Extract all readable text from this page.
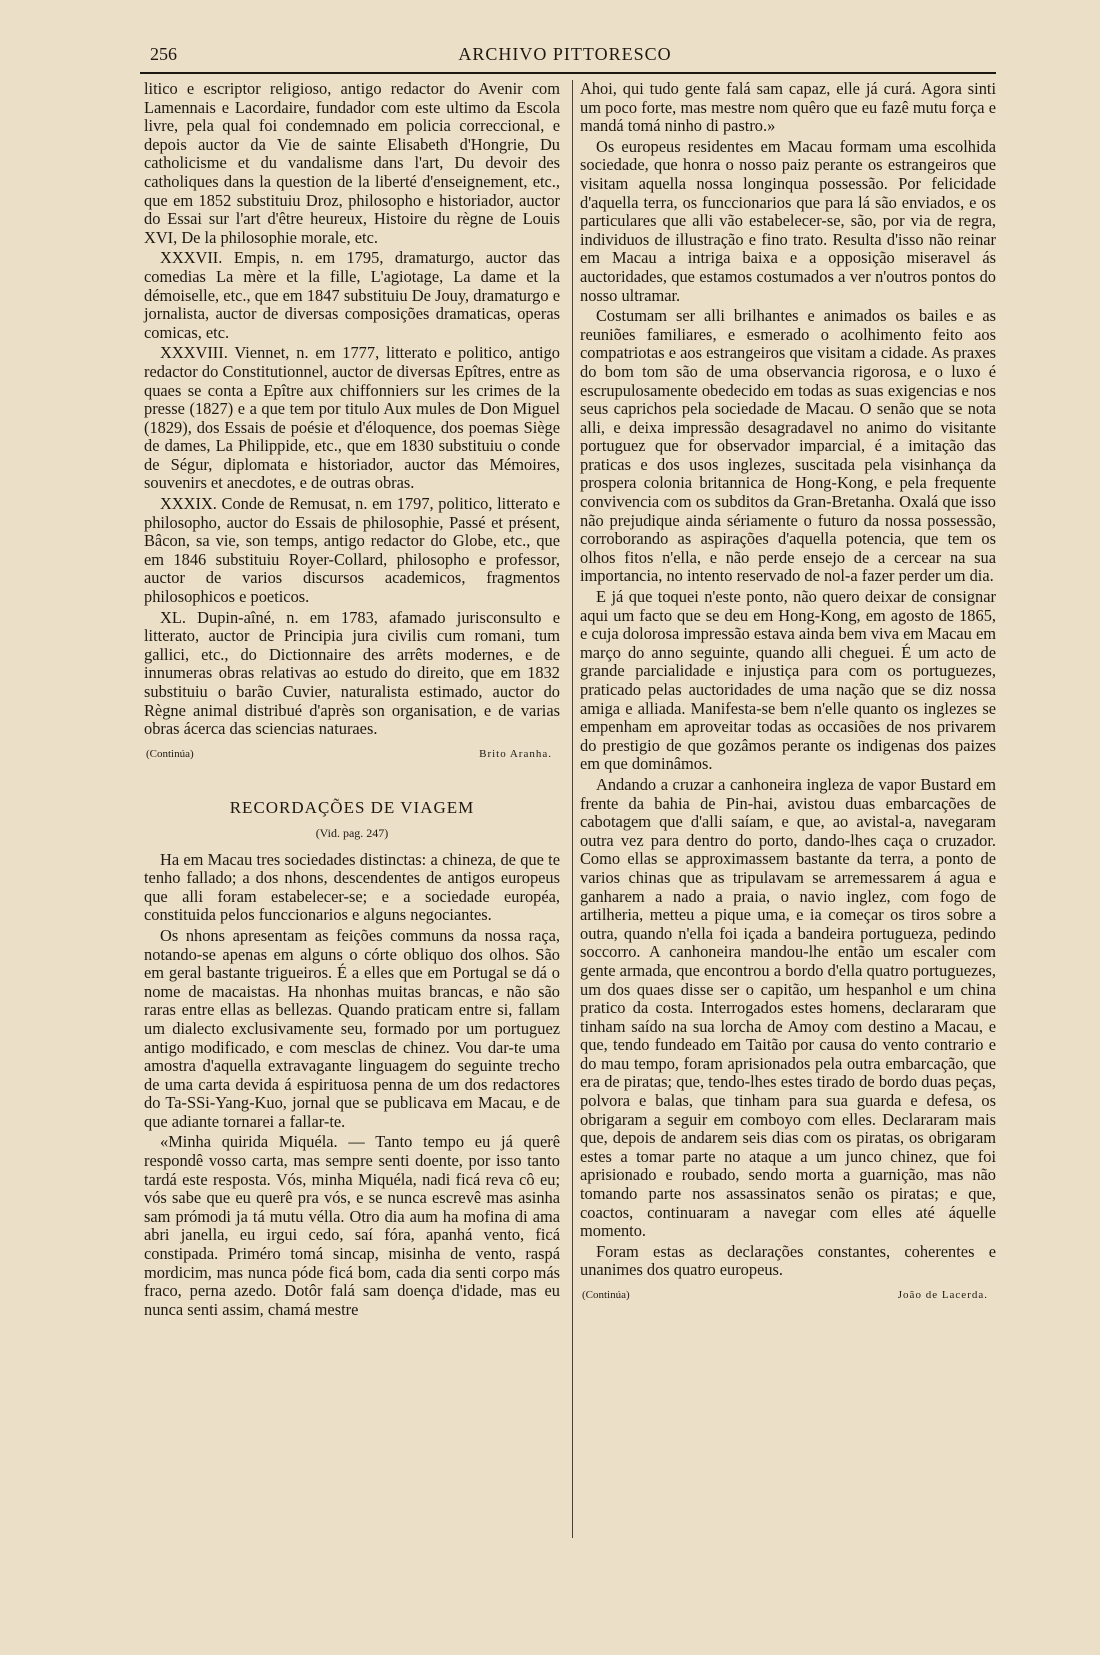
256	ARCHIVO PITTORESCO

litico e escriptor religioso, antigo redactor do Avenir com Lamennais e Lacordaire, fundador com este ultimo da Escola livre, pela qual foi condemnado em policia correccional, e depois auctor da Vie de sainte Elisabeth d'Hongrie, Du catholicisme et du vandalisme dans l'art, Du devoir des catholiques dans la question de la liberté d'enseignement, etc., que em 1852 substituiu Droz, philosopho e historiador, auctor do Essai sur l'art d'être heureux, Histoire du règne de Louis XVI, De la philosophie morale, etc.

XXXVII. Empis, n. em 1795, dramaturgo, auctor das comedias La mère et la fille, L'agiotage, La dame et la démoiselle, etc., que em 1847 substituiu De Jouy, dramaturgo e jornalista, auctor de diversas composições dramaticas, operas comicas, etc.

XXXVIII. Viennet, n. em 1777, litterato e politico, antigo redactor do Constitutionnel, auctor de diversas Epîtres, entre as quaes se conta a Epître aux chiffonniers sur les crimes de la presse (1827) e a que tem por titulo Aux mules de Don Miguel (1829), dos Essais de poésie et d'éloquence, dos poemas Siège de dames, La Philippide, etc., que em 1830 substituiu o conde de Ségur, diplomata e historiador, auctor das Mémoires, souvenirs et anecdotes, e de outras obras.

XXXIX. Conde de Remusat, n. em 1797, politico, litterato e philosopho, auctor do Essais de philosophie, Passé et présent, Bâcon, sa vie, son temps, antigo redactor do Globe, etc., que em 1846 substituiu Royer-Collard, philosopho e professor, auctor de varios discursos academicos, fragmentos philosophicos e poeticos.

XL. Dupin-aîné, n. em 1783, afamado jurisconsulto e litterato, auctor de Principia jura civilis cum romani, tum gallici, etc., do Dictionnaire des arrêts modernes, e de innumeras obras relativas ao estudo do direito, que em 1832 substituiu o barão Cuvier, naturalista estimado, auctor do Règne animal distribué d'après son organisation, e de varias obras ácerca das sciencias naturaes.

(Continúa)	Brito Aranha.
RECORDAÇÕES DE VIAGEM
(Vid. pag. 247)

Ha em Macau tres sociedades distinctas: a chineza, de que te tenho fallado; a dos nhons, descendentes de antigos europeus que alli foram estabelecer-se; e a sociedade européa, constituida pelos funccionarios e alguns negociantes.

Os nhons apresentam as feições communs da nossa raça, notando-se apenas em alguns o córte obliquo dos olhos. São em geral bastante trigueiros. É a elles que em Portugal se dá o nome de macaistas. Ha nhonhas muitas brancas, e não são raras entre ellas as bellezas. Quando praticam entre si, fallam um dialecto exclusivamente seu, formado por um portuguez antigo modificado, e com mesclas de chinez. Vou dar-te uma amostra d'aquella extravagante linguagem do seguinte trecho de uma carta devida á espirituosa penna de um dos redactores do Ta-SSi-Yang-Kuo, jornal que se publicava em Macau, e de que adiante tornarei a fallar-te.

«Minha quirida Miquéla. — Tanto tempo eu já querê respondê vosso carta, mas sempre senti doente, por isso tanto tardá este resposta. Vós, minha Miquéla, nadi ficá reva cô eu; vós sabe que eu querê pra vós, e se nunca escrevê mas asinha sam prómodi ja tá mutu vélla. Otro dia aum ha mofina di ama abri janella, eu irgui cedo, saí fóra, apanhá vento, ficá constipada. Priméro tomá sincap, misinha de vento, raspá mordicim, mas nunca póde ficá bom, cada dia senti corpo más fraco, perna azedo. Dotôr falá sam doença d'idade, mas eu nunca senti assim, chamá mestre

Ahoi, qui tudo gente falá sam capaz, elle já curá. Agora sinti um poco forte, mas mestre nom quêro que eu fazê mutu força e mandá tomá ninho di pastro.»

Os europeus residentes em Macau formam uma escolhida sociedade, que honra o nosso paiz perante os estrangeiros que visitam aquella nossa longinqua possessão. Por felicidade d'aquella terra, os funccionarios que para lá são enviados, e os particulares que alli vão estabelecer-se, são, por via de regra, individuos de illustração e fino trato. Resulta d'isso não reinar em Macau a intriga baixa e a opposição miseravel ás auctoridades, que estamos costumados a ver n'outros pontos do nosso ultramar.

Costumam ser alli brilhantes e animados os bailes e as reuniões familiares, e esmerado o acolhimento feito aos compatriotas e aos estrangeiros que visitam a cidade. As praxes do bom tom são de uma observancia rigorosa, e o luxo é escrupulosamente obedecido em todas as suas exigencias e nos seus caprichos pela sociedade de Macau. O senão que se nota alli, e deixa impressão desagradavel no animo do visitante portuguez que for observador imparcial, é a imitação das praticas e dos usos inglezes, suscitada pela visinhança da prospera colonia britannica de Hong-Kong, e pela frequente convivencia com os subditos da Gran-Bretanha. Oxalá que isso não prejudique ainda sériamente o futuro da nossa possessão, corroborando as aspirações d'aquella potencia, que tem os olhos fitos n'ella, e não perde ensejo de a cercear na sua importancia, no intento reservado de nol-a fazer perder um dia.

E já que toquei n'este ponto, não quero deixar de consignar aqui um facto que se deu em Hong-Kong, em agosto de 1865, e cuja dolorosa impressão estava ainda bem viva em Macau em março do anno seguinte, quando alli cheguei. É um acto de grande parcialidade e injustiça para com os portuguezes, praticado pelas auctoridades de uma nação que se diz nossa amiga e alliada. Manifesta-se bem n'elle quanto os inglezes se empenham em aproveitar todas as occasiões de nos privarem do prestigio de que gozâmos perante os indigenas dos paizes em que dominâmos.

Andando a cruzar a canhoneira ingleza de vapor Bustard em frente da bahia de Pin-hai, avistou duas embarcações de cabotagem que d'alli saíam, e que, ao avistal-a, navegaram outra vez para dentro do porto, dando-lhes caça o cruzador. Como ellas se approximassem bastante da terra, a ponto de varios chinas que as tripulavam se arremessarem á agua e ganharem a nado a praia, o navio inglez, com fogo de artilheria, metteu a pique uma, e ia começar os tiros sobre a outra, quando n'ella foi içada a bandeira portugueza, pedindo soccorro. A canhoneira mandou-lhe então um escaler com gente armada, que encontrou a bordo d'ella quatro portuguezes, um dos quaes disse ser o capitão, um hespanhol e um china pratico da costa. Interrogados estes homens, declararam que tinham saído na sua lorcha de Amoy com destino a Macau, e que, tendo fundeado em Taitão por causa do vento contrario e do mau tempo, foram aprisionados pela outra embarcação, que era de piratas; que, tendo-lhes estes tirado de bordo duas peças, polvora e balas, que tinham para sua guarda e defesa, os obrigaram a seguir em comboyo com elles. Declararam mais que, depois de andarem seis dias com os piratas, os obrigaram estes a tomar parte no ataque a um junco chinez, que foi aprisionado e roubado, sendo morta a guarnição, mas não tomando parte nos assassinatos senão os piratas; e que, coactos, continuaram a navegar com elles até áquelle momento.

Foram estas as declarações constantes, coherentes e unanimes dos quatro europeus.

(Continúa)	João de Lacerda.
